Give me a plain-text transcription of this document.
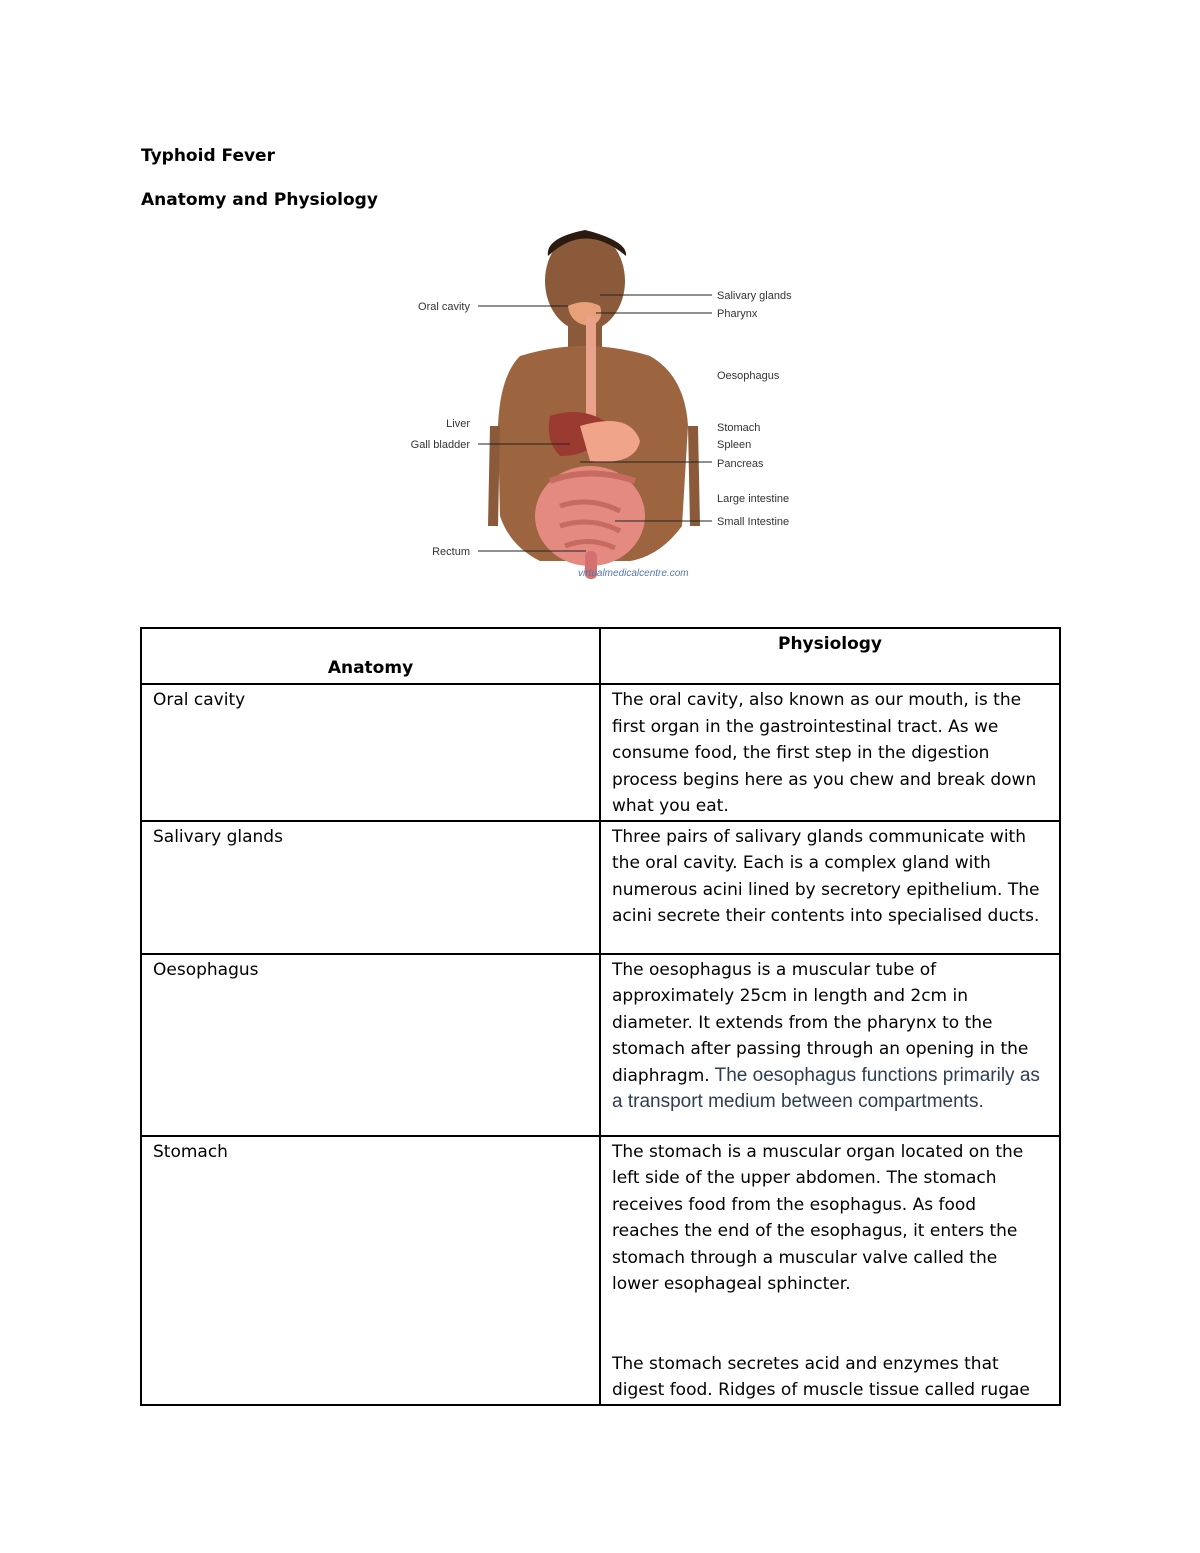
Typhoid Fever
Anatomy and Physiology
Oral cavity
Liver
Gall bladder
Rectum
Salivary glands
Pharynx
Oesophagus
Stomach
Spleen
Pancreas
Large intestine
Small Intestine
virtualmedicalcentre.com
Anatomy	Physiology
Oral cavity	The oral cavity, also known as our mouth, is the first organ in the gastrointestinal tract. As we consume food, the first step in the digestion process begins here as you chew and break down what you eat.
Salivary glands	Three pairs of salivary glands communicate with the oral cavity. Each is a complex gland with numerous acini lined by secretory epithelium. The acini secrete their contents into specialised ducts.
Oesophagus	The oesophagus is a muscular tube of approximately 25cm in length and 2cm in diameter. It extends from the pharynx to the stomach after passing through an opening in the diaphragm. The oesophagus functions primarily as a transport medium between compartments.
Stomach	The stomach is a muscular organ located on the left side of the upper abdomen. The stomach receives food from the esophagus. As food reaches the end of the esophagus, it enters the stomach through a muscular valve called the lower esophageal sphincter.
The stomach secretes acid and enzymes that digest food. Ridges of muscle tissue called rugae
